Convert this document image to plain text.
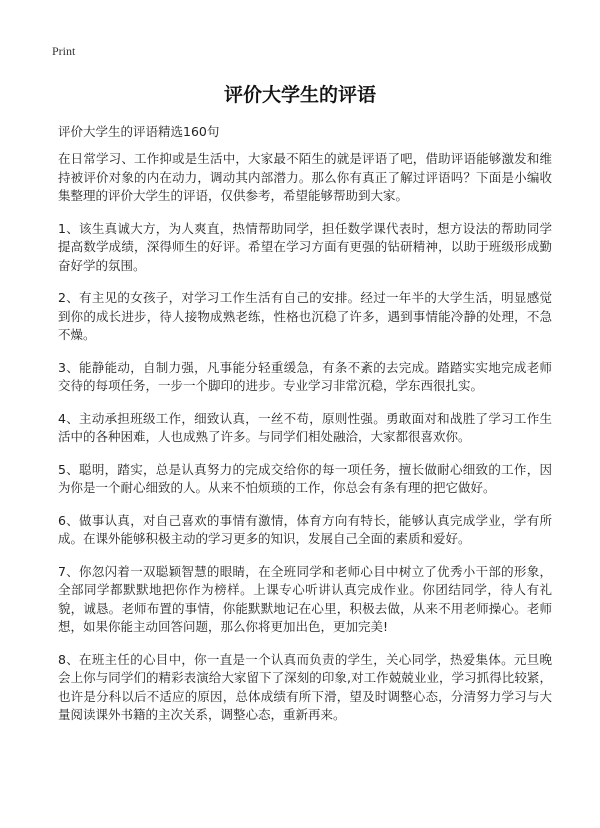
Print
评价大学生的评语
评价大学生的评语精选160句

在日常学习、工作抑或是生活中，大家最不陌生的就是评语了吧，借助评语能够激发和维持被评价对象的内在动力，调动其内部潜力。那么你有真正了解过评语吗？下面是小编收集整理的评价大学生的评语，仅供参考，希望能够帮助到大家。

1、该生真诚大方，为人爽直，热情帮助同学，担任数学课代表时，想方设法的帮助同学提高数学成绩，深得师生的好评。希望在学习方面有更强的钻研精神，以助于班级形成勤奋好学的氛围。

2、有主见的女孩子，对学习工作生活有自己的安排。经过一年半的大学生活，明显感觉到你的成长进步，待人接物成熟老练，性格也沉稳了许多，遇到事情能冷静的处理，不急不燥。

3、能静能动，自制力强，凡事能分轻重缓急，有条不紊的去完成。踏踏实实地完成老师交待的每项任务，一步一个脚印的进步。专业学习非常沉稳，学东西很扎实。

4、主动承担班级工作，细致认真，一丝不苟，原则性强。勇敢面对和战胜了学习工作生活中的各种困难，人也成熟了许多。与同学们相处融洽，大家都很喜欢你。

5、聪明，踏实，总是认真努力的完成交给你的每一项任务，擅长做耐心细致的工作，因为你是一个耐心细致的人。从来不怕烦琐的工作，你总会有条有理的把它做好。

6、做事认真，对自己喜欢的事情有激情，体育方向有特长，能够认真完成学业，学有所成。在课外能够积极主动的学习更多的知识，发展自己全面的素质和爱好。

7、你忽闪着一双聪颖智慧的眼睛，在全班同学和老师心目中树立了优秀小干部的形象，全部同学都默默地把你作为榜样。上课专心听讲认真完成作业。你团结同学，待人有礼貌，诚恳。老师布置的事情，你能默默地记在心里，积极去做，从来不用老师操心。老师想，如果你能主动回答问题，那么你将更加出色，更加完美!

8、在班主任的心目中，你一直是一个认真而负责的学生，关心同学，热爱集体。元旦晚会上你与同学们的精彩表演给大家留下了深刻的印象,对工作兢兢业业，学习抓得比较紧，也许是分科以后不适应的原因，总体成绩有所下滑，望及时调整心态，分清努力学习与大量阅读课外书籍的主次关系，调整心态，重新再来。
